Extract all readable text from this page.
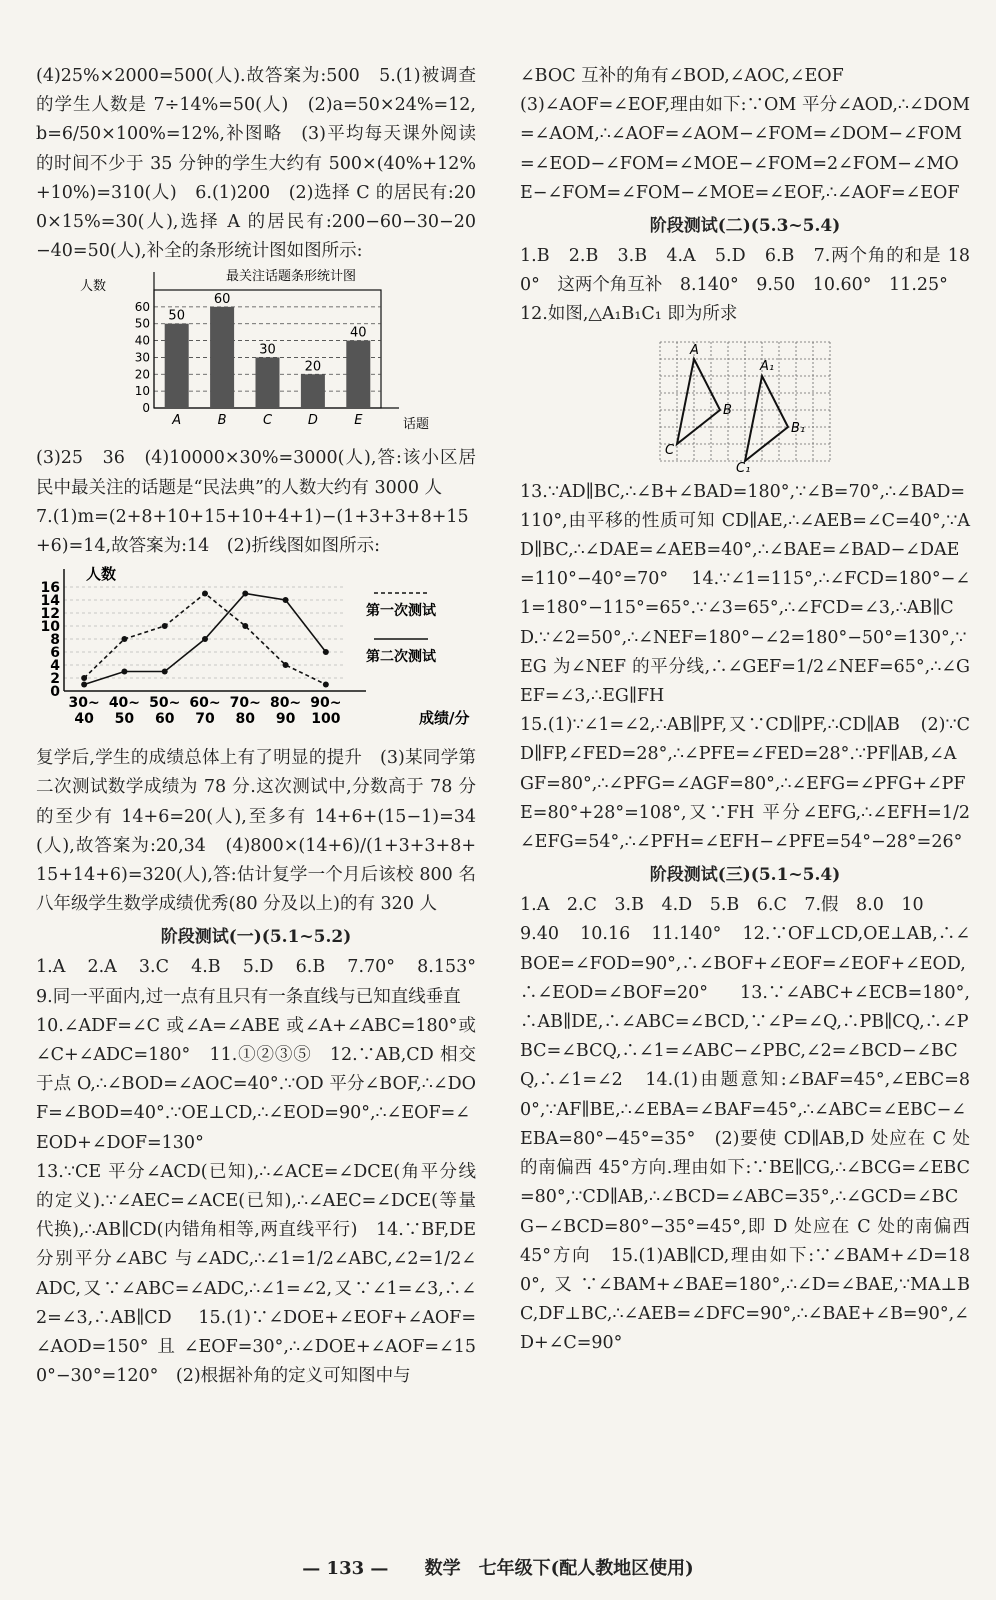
(4)25%×2000=500(人).故答案为:500　5.(1)被调查的学生人数是 7÷14%=50(人)　(2)a=50×24%=12,b=6/50×100%=12%,补图略　(3)平均每天课外阅读的时间不少于 35 分钟的学生大约有 500×(40%+12%+10%)=310(人)　6.(1)200　(2)选择 C 的居民有:200×15%=30(人),选择 A 的居民有:200−60−30−20−40=50(人),补全的条形统计图如图所示:

最关注话题条形统计图
人数
话题
0
10
20
30
40
50
60
50
A
60
B
30
C
20
D
40
E

(3)25　36　(4)10000×30%=3000(人),答:该小区居民中最关注的话题是“民法典”的人数大约有 3000 人

7.(1)m=(2+8+10+15+10+4+1)−(1+3+3+8+15+6)=14,故答案为:14　(2)折线图如图所示:

人数
成绩/分
0
2
4
6
8
10
12
14
16
30~
40
40~
50
50~
60
60~
70
70~
80
80~
90
90~
100
第一次测试
第二次测试

复学后,学生的成绩总体上有了明显的提升　(3)某同学第二次测试数学成绩为 78 分.这次测试中,分数高于 78 分的至少有 14+6=20(人),至多有 14+6+(15−1)=34(人),故答案为:20,34　(4)800×(14+6)/(1+3+3+8+15+14+6)=320(人),答:估计复学一个月后该校 800 名八年级学生数学成绩优秀(80 分及以上)的有 320 人

阶段测试(一)(5.1~5.2)

1.A　2.A　3.C　4.B　5.D　6.B　7.70°　8.153°　9.同一平面内,过一点有且只有一条直线与已知直线垂直

10.∠ADF=∠C 或∠A=∠ABE 或∠A+∠ABC=180°或∠C+∠ADC=180°　11.①②③⑤　12.∵AB,CD 相交于点 O,∴∠BOD=∠AOC=40°.∵OD 平分∠BOF,∴∠DOF=∠BOD=40°.∵OE⊥CD,∴∠EOD=90°,∴∠EOF=∠EOD+∠DOF=130°

13.∵CE 平分∠ACD(已知),∴∠ACE=∠DCE(角平分线的定义).∵∠AEC=∠ACE(已知),∴∠AEC=∠DCE(等量代换),∴AB∥CD(内错角相等,两直线平行)　14.∵BF,DE 分别平分∠ABC 与∠ADC,∴∠1=1/2∠ABC,∠2=1/2∠ADC,又∵∠ABC=∠ADC,∴∠1=∠2,又∵∠1=∠3,∴∠2=∠3,∴AB∥CD　15.(1)∵∠DOE+∠EOF+∠AOF=∠AOD=150°且∠EOF=30°,∴∠DOE+∠AOF=∠150°−30°=120°　(2)根据补角的定义可知图中与

∠BOC 互补的角有∠BOD,∠AOC,∠EOF

(3)∠AOF=∠EOF,理由如下:∵OM 平分∠AOD,∴∠DOM=∠AOM,∴∠AOF=∠AOM−∠FOM=∠DOM−∠FOM=∠EOD−∠FOM=∠MOE−∠FOM=2∠FOM−∠MOE−∠FOM=∠FOM−∠MOE=∠EOF,∴∠AOF=∠EOF

阶段测试(二)(5.3~5.4)

1.B　2.B　3.B　4.A　5.D　6.B　7.两个角的和是 180°　这两个角互补　8.140°　9.50　10.60°　11.25°

12.如图,△A₁B₁C₁ 即为所求

A
B
C
A₁
B₁
C₁

13.∵AD∥BC,∴∠B+∠BAD=180°,∵∠B=70°,∴∠BAD=110°,由平移的性质可知 CD∥AE,∴∠AEB=∠C=40°,∵AD∥BC,∴∠DAE=∠AEB=40°,∴∠BAE=∠BAD−∠DAE=110°−40°=70°　14.∵∠1=115°,∴∠FCD=180°−∠1=180°−115°=65°.∵∠3=65°,∴∠FCD=∠3,∴AB∥CD.∵∠2=50°,∴∠NEF=180°−∠2=180°−50°=130°,∵EG 为∠NEF 的平分线,∴∠GEF=1/2∠NEF=65°,∴∠GEF=∠3,∴EG∥FH

15.(1)∵∠1=∠2,∴AB∥PF,又∵CD∥PF,∴CD∥AB　(2)∵CD∥FP,∠FED=28°,∴∠PFE=∠FED=28°.∵PF∥AB,∠AGF=80°,∴∠PFG=∠AGF=80°,∴∠EFG=∠PFG+∠PFE=80°+28°=108°,又∵FH 平分∠EFG,∴∠EFH=1/2∠EFG=54°,∴∠PFH=∠EFH−∠PFE=54°−28°=26°

阶段测试(三)(5.1~5.4)

1.A　2.C　3.B　4.D　5.B　6.C　7.假　8.0　10

9.40　10.16　11.140°　12.∵OF⊥CD,OE⊥AB,∴∠BOE=∠FOD=90°,∴∠BOF+∠EOF=∠EOF+∠EOD,∴∠EOD=∠BOF=20°　13.∵∠ABC+∠ECB=180°,∴AB∥DE,∴∠ABC=∠BCD,∵∠P=∠Q,∴PB∥CQ,∴∠PBC=∠BCQ,∴∠1=∠ABC−∠PBC,∠2=∠BCD−∠BCQ,∴∠1=∠2　14.(1)由题意知:∠BAF=45°,∠EBC=80°,∵AF∥BE,∴∠EBA=∠BAF=45°,∴∠ABC=∠EBC−∠EBA=80°−45°=35°　(2)要使 CD∥AB,D 处应在 C 处的南偏西 45°方向.理由如下:∵BE∥CG,∴∠BCG=∠EBC=80°,∵CD∥AB,∴∠BCD=∠ABC=35°,∴∠GCD=∠BCG−∠BCD=80°−35°=45°,即 D 处应在 C 处的南偏西 45°方向　15.(1)AB∥CD,理由如下:∵∠BAM+∠D=180°,又∵∠BAM+∠BAE=180°,∴∠D=∠BAE,∵MA⊥BC,DF⊥BC,∴∠AEB=∠DFC=90°,∴∠BAE+∠B=90°,∠D+∠C=90°

— 133 — 数学　七年级下(配人教地区使用)
